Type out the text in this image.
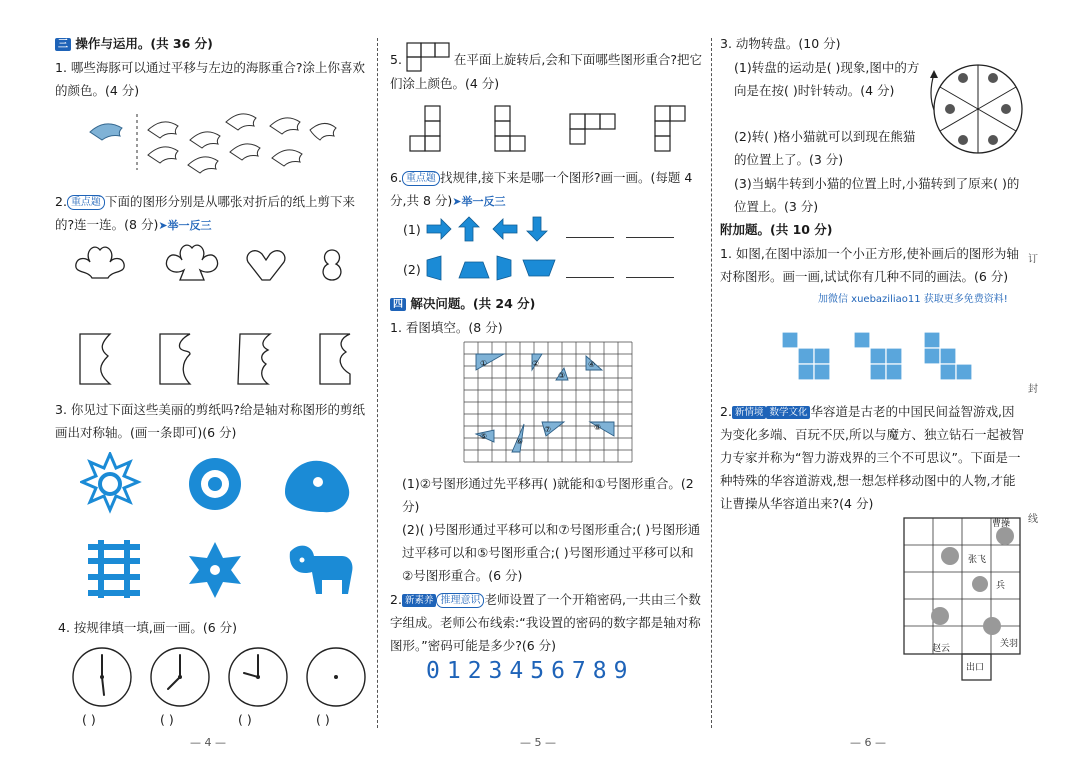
三 操作与运用。(共 36 分)
1. 哪些海豚可以通过平移与左边的海豚重合?涂上你喜欢的颜色。(4 分)
2. 重点题 下面的图形分别是从哪张对折后的纸上剪下来的?连一连。(8 分)➤举一反三
3. 你见过下面这些美丽的剪纸吗?给是轴对称图形的剪纸画出对称轴。(画一条即可)(6 分)
4. 按规律填一填,画一画。(6 分)
( )	( )	( )	( )
— 4 —
5.	在平面上旋转后,会和下面哪些图形重合?把它们涂上颜色。(4 分)
6. 重点题 找规律,接下来是哪一个图形?画一画。(每题 4 分,共 8 分)➤举一反三
(1)
(2)
四 解决问题。(共 24 分)
1. 看图填空。(8 分)
①	②
③
④
⑤
⑥
⑦	⑧
(1)②号图形通过先平移再( )就能和①号图形重合。(2 分)
(2)( )号图形通过平移可以和⑦号图形重合;( )号图形通过平移可以和⑤号图形重合;( )号图形通过平移可以和②号图形重合。(6 分)
2. 新素养 推理意识 老师设置了一个开箱密码,一共由三个数字组成。老师公布线索:“我设置的密码的数字都是轴对称图形。”密码可能是多少?(6 分)
0123456789
— 5 —
3. 动物转盘。(10 分)
(1)转盘的运动是( )现象,图中的方向是在按( )时针转动。(4 分)
(2)转( )格小猫就可以到现在熊猫的位置上了。(3 分)
(3)当蜗牛转到小猫的位置上时,小猫转到了原来( )的位置上。(3 分)
附加题。(共 10 分)
1. 如图,在图中添加一个小正方形,使补画后的图形为轴对称图形。画一画,试试你有几种不同的画法。(6 分)
加微信 xuebaziliao11 获取更多免费资料!
2. 新情境 数学文化 华容道是古老的中国民间益智游戏,因为变化多端、百玩不厌,所以与魔方、独立钻石一起被智力专家并称为“智力游戏界的三个不可思议”。下面是一种特殊的华容道游戏,想一想怎样移动图中的人物,才能让曹操从华容道出来?(4 分)
曹操
张飞
兵
赵云	关羽
出口
— 6 —
订
封
线
